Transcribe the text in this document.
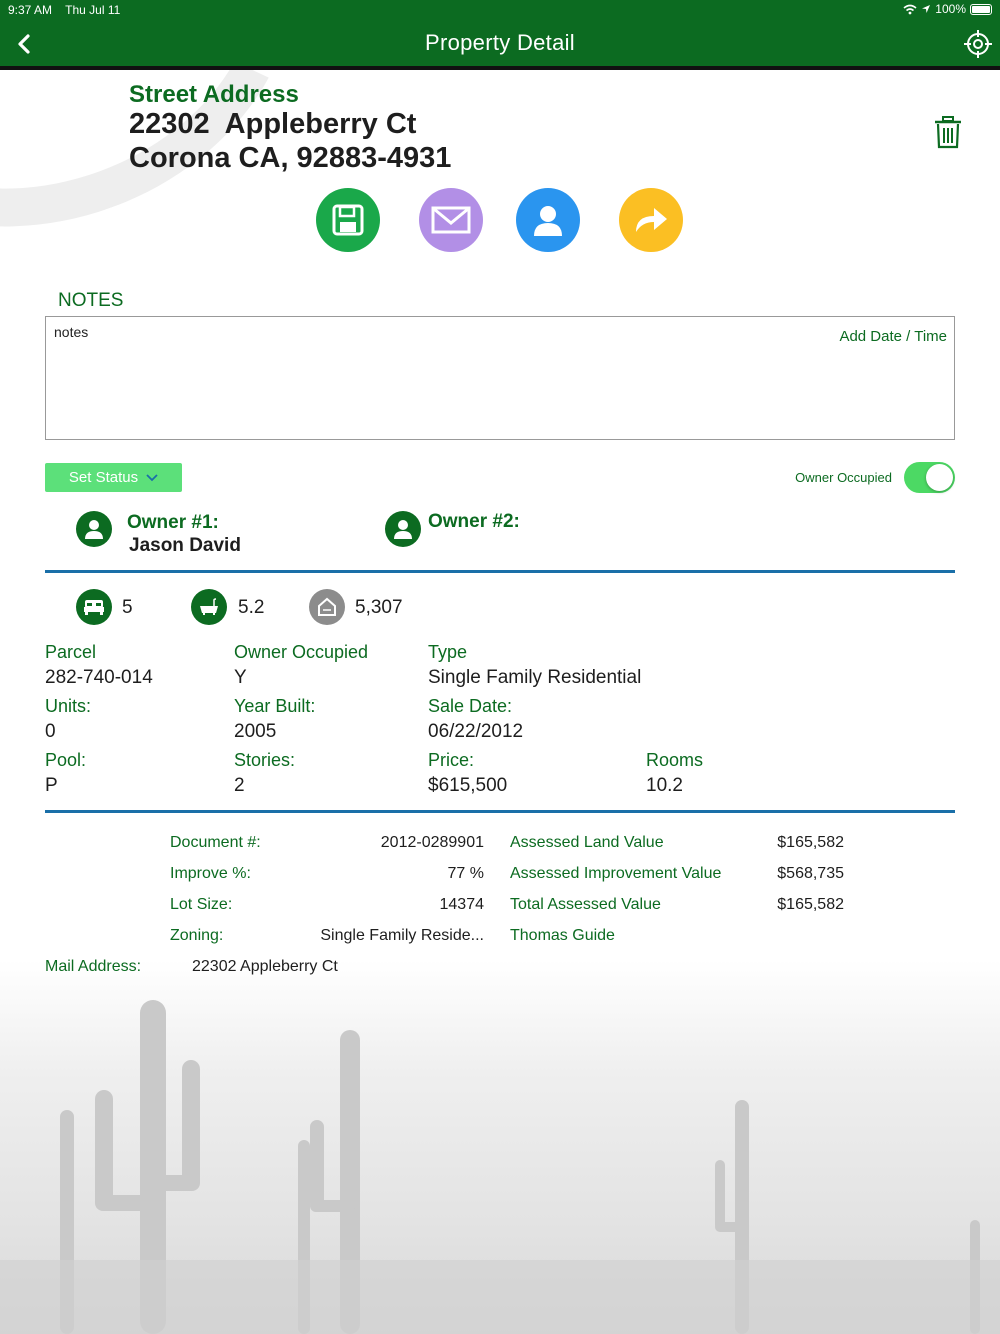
9:37 AM Thu Jul 11	100%
Property Detail
Street Address
22302  Appleberry Ct
Corona CA, 92883-4931
NOTES
notes	Add Date / Time
Set Status	Owner Occupied
Owner #1:
Jason David
Owner #2:
5	5.2	5,307
Parcel
282-740-014
Owner Occupied
Y
Type
Single Family Residential
Units:
0
Year Built:
2005
Sale Date:
06/22/2012
Pool:
P
Stories:
2
Price:
$615,500
Rooms
10.2
Document #:	2012-0289901 Assessed Land Value	$165,582
Improve %:	77 % Assessed Improvement Value	$568,735
Lot Size:	14374 Total Assessed Value	$165,582
Zoning:	Single Family Reside... Thomas Guide
Mail Address:	22302 Appleberry Ct
